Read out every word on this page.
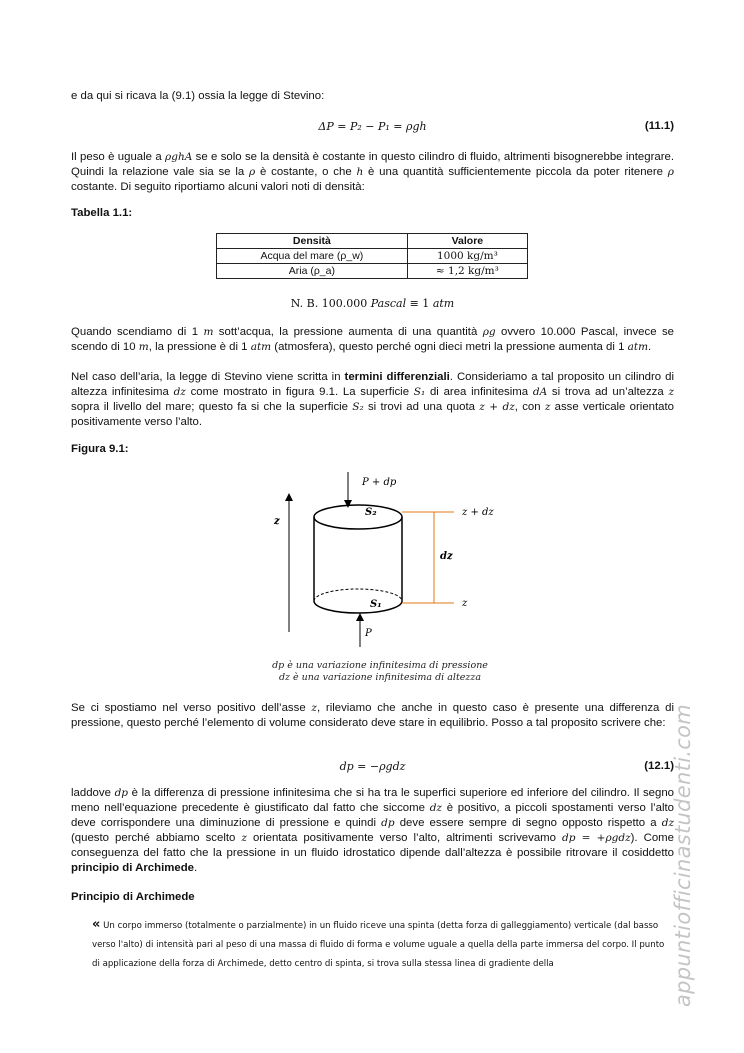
e da qui si ricava la (9.1) ossia la legge di Stevino:

ΔP = P₂ − P₁ = ρgh	(11.1)

Il peso è uguale a ρghA se e solo se la densità è costante in questo cilindro di fluido, altrimenti bisognerebbe integrare. Quindi la relazione vale sia se la ρ è costante, o che h è una quantità sufficientemente piccola da poter ritenere ρ costante. Di seguito riportiamo alcuni valori noti di densità:

Tabella 1.1:
Densità	Valore
Acqua del mare (ρ_w)	1000 kg/m³
Aria (ρ_a)	≈ 1,2 kg/m³
N. B. 100.000 Pascal ≡ 1 atm

Quando scendiamo di 1 m sott’acqua, la pressione aumenta di una quantità ρg ovvero 10.000 Pascal, invece se scendo di 10 m, la pressione è di 1 atm (atmosfera), questo perché ogni dieci metri la pressione aumenta di 1 atm.

Nel caso dell’aria, la legge di Stevino viene scritta in termini differenziali. Consideriamo a tal proposito un cilindro di altezza infinitesima dz come mostrato in figura 9.1. La superficie S₁ di area infinitesima dA si trova ad un’altezza z sopra il livello del mare; questo fa si che la superficie S₂ si trovi ad una quota z + dz, con z asse verticale orientato positivamente verso l’alto.

Figura 9.1:
z
P + dp
S₂
S₁
P
dz
z + dz
z
dp è una variazione infinitesima di pressione
dz è una variazione infinitesima di altezza

Se ci spostiamo nel verso positivo dell’asse z, rileviamo che anche in questo caso è presente una differenza di pressione, questo perché l’elemento di volume considerato deve stare in equilibrio. Posso a tal proposito scrivere che:

dp = −ρgdz	(12.1)

laddove dp è la differenza di pressione infinitesima che si ha tra le superfici superiore ed inferiore del cilindro. Il segno meno nell’equazione precedente è giustificato dal fatto che siccome dz è positivo, a piccoli spostamenti verso l’alto deve corrispondere una diminuzione di pressione e quindi dp deve essere sempre di segno opposto rispetto a dz (questo perché abbiamo scelto z orientata positivamente verso l’alto, altrimenti scrivevamo dp = +ρgdz). Come conseguenza del fatto che la pressione in un fluido idrostatico dipende dall’altezza è possibile ritrovare il cosiddetto principio di Archimede.

Principio di Archimede
« Un corpo immerso (totalmente o parzialmente) in un fluido riceve una spinta (detta forza di galleggiamento) verticale (dal basso verso l'alto) di intensità pari al peso di una massa di fluido di forma e volume uguale a quella della parte immersa del corpo. Il punto di applicazione della forza di Archimede, detto centro di spinta, si trova sulla stessa linea di gradiente della	appuntiofficinastudenti.com
